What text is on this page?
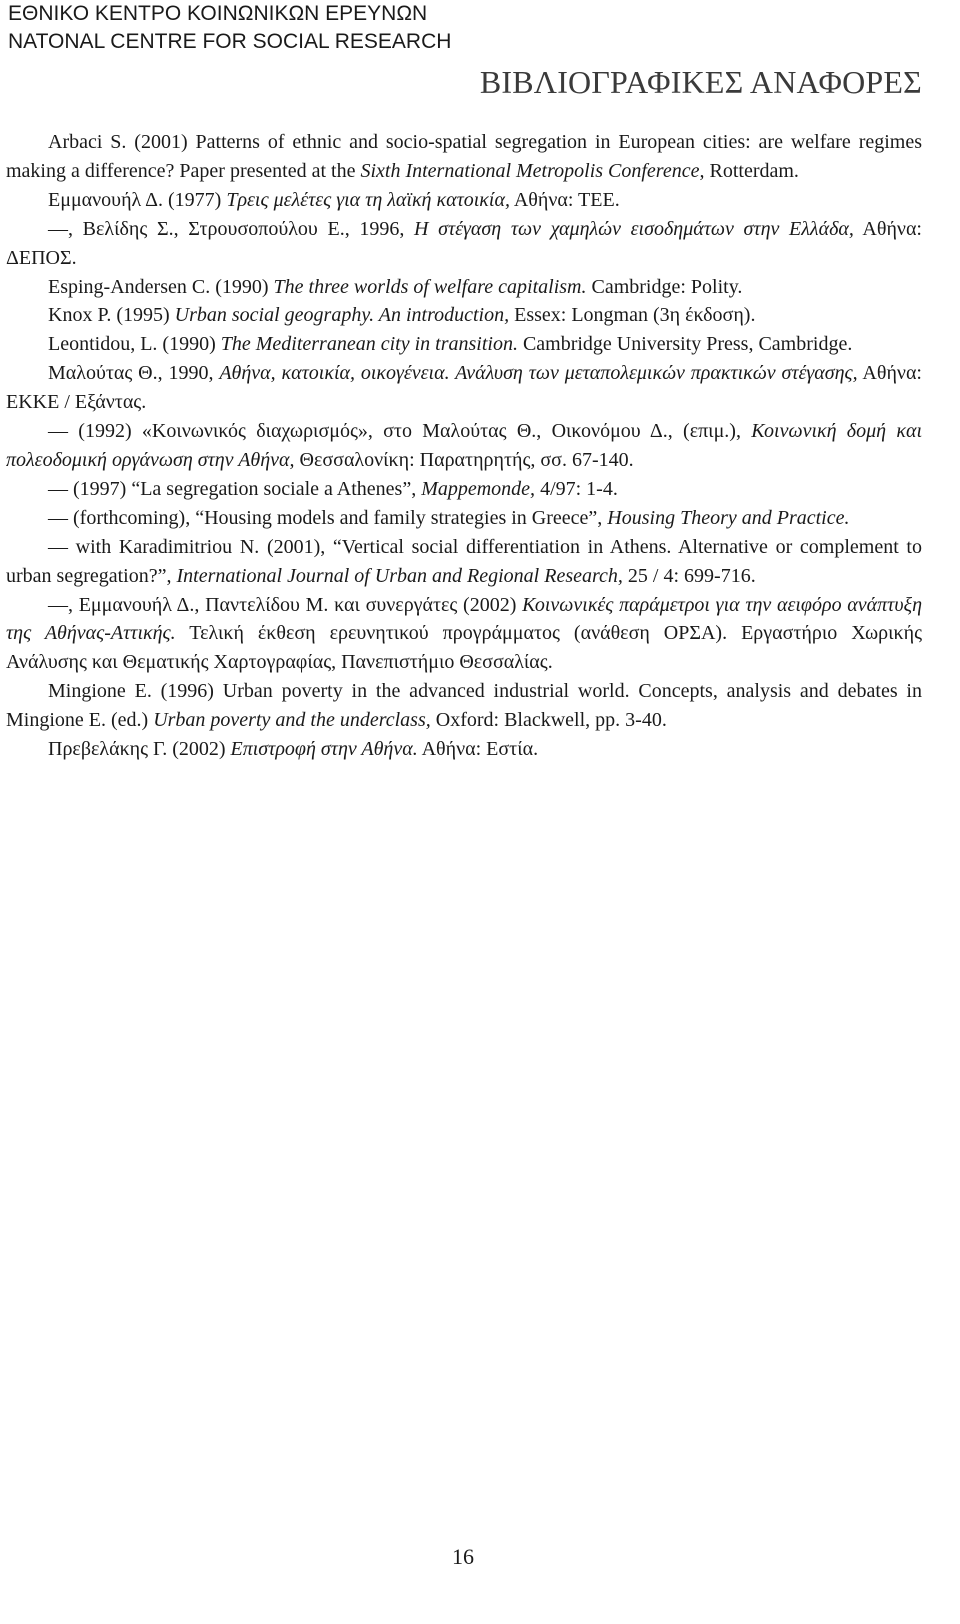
ΕΘΝΙΚΟ ΚΕΝΤΡΟ ΚΟΙΝΩΝΙΚΩΝ ΕΡΕΥΝΩΝ
NATONAL CENTRE FOR SOCIAL RESEARCH
ΒΙΒΛΙΟΓΡΑΦΙΚΕΣ ΑΝΑΦΟΡΕΣ

Arbaci S. (2001) Patterns of ethnic and socio-spatial segregation in European cities: are welfare regimes making a difference? Paper presented at the Sixth International Metropolis Conference, Rotterdam.

Εμμανουήλ Δ. (1977) Τρεις μελέτες για τη λαϊκή κατοικία, Αθήνα: ΤΕΕ.

—, Βελίδης Σ., Στρουσοπούλου Ε., 1996, Η στέγαση των χαμηλών εισοδημάτων στην Ελλάδα, Αθήνα: ΔΕΠΟΣ.

Esping-Andersen C. (1990) The three worlds of welfare capitalism. Cambridge: Polity.

Knox P. (1995) Urban social geography. An introduction, Essex: Longman (3η έκδοση).

Leontidou, L. (1990) The Mediterranean city in transition. Cambridge University Press, Cambridge.

Μαλούτας Θ., 1990, Αθήνα, κατοικία, οικογένεια. Ανάλυση των μεταπολεμικών πρακτικών στέγασης, Αθήνα: ΕΚΚΕ / Εξάντας.

— (1992) «Κοινωνικός διαχωρισμός», στο Μαλούτας Θ., Οικονόμου Δ., (επιμ.), Κοινωνική δομή και πολεοδομική οργάνωση στην Αθήνα, Θεσσαλονίκη: Παρατηρητής, σσ. 67-140.

— (1997) “La segregation sociale a Athenes”, Mappemonde, 4/97: 1-4.

— (forthcoming), “Housing models and family strategies in Greece”, Housing Theory and Practice.

— with Karadimitriou N. (2001), “Vertical social differentiation in Athens. Alternative or complement to urban segregation?”, International Journal of Urban and Regional Research, 25 / 4: 699-716.

—, Εμμανουήλ Δ., Παντελίδου Μ. και συνεργάτες (2002) Κοινωνικές παράμετροι για την αειφόρο ανάπτυξη της Αθήνας-Αττικής. Τελική έκθεση ερευνητικού προγράμματος (ανάθεση ΟΡΣΑ). Εργαστήριο Χωρικής Ανάλυσης και Θεματικής Χαρτογραφίας, Πανεπιστήμιο Θεσσαλίας.

Mingione E. (1996) Urban poverty in the advanced industrial world. Concepts, analysis and debates in Mingione E. (ed.) Urban poverty and the underclass, Oxford: Blackwell, pp. 3-40.

Πρεβελάκης Γ. (2002) Επιστροφή στην Αθήνα. Αθήνα: Εστία.

16
